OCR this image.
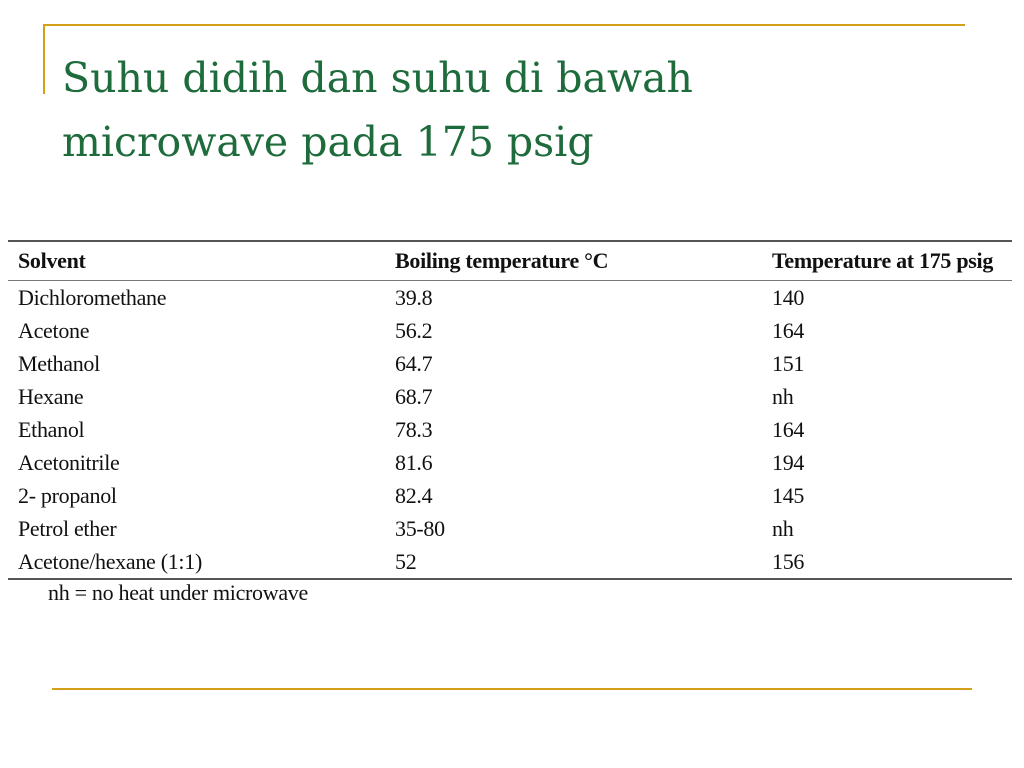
Suhu didih dan suhu di bawah
microwave pada 175 psig
Solvent	Boiling temperature °C	Temperature at 175 psig
Dichloromethane	39.8	140
Acetone	56.2	164
Methanol	64.7	151
Hexane	68.7	nh
Ethanol	78.3	164
Acetonitrile	81.6	194
2- propanol	82.4	145
Petrol ether	35-80	nh
Acetone/hexane (1:1)	52	156

nh = no heat under microwave
